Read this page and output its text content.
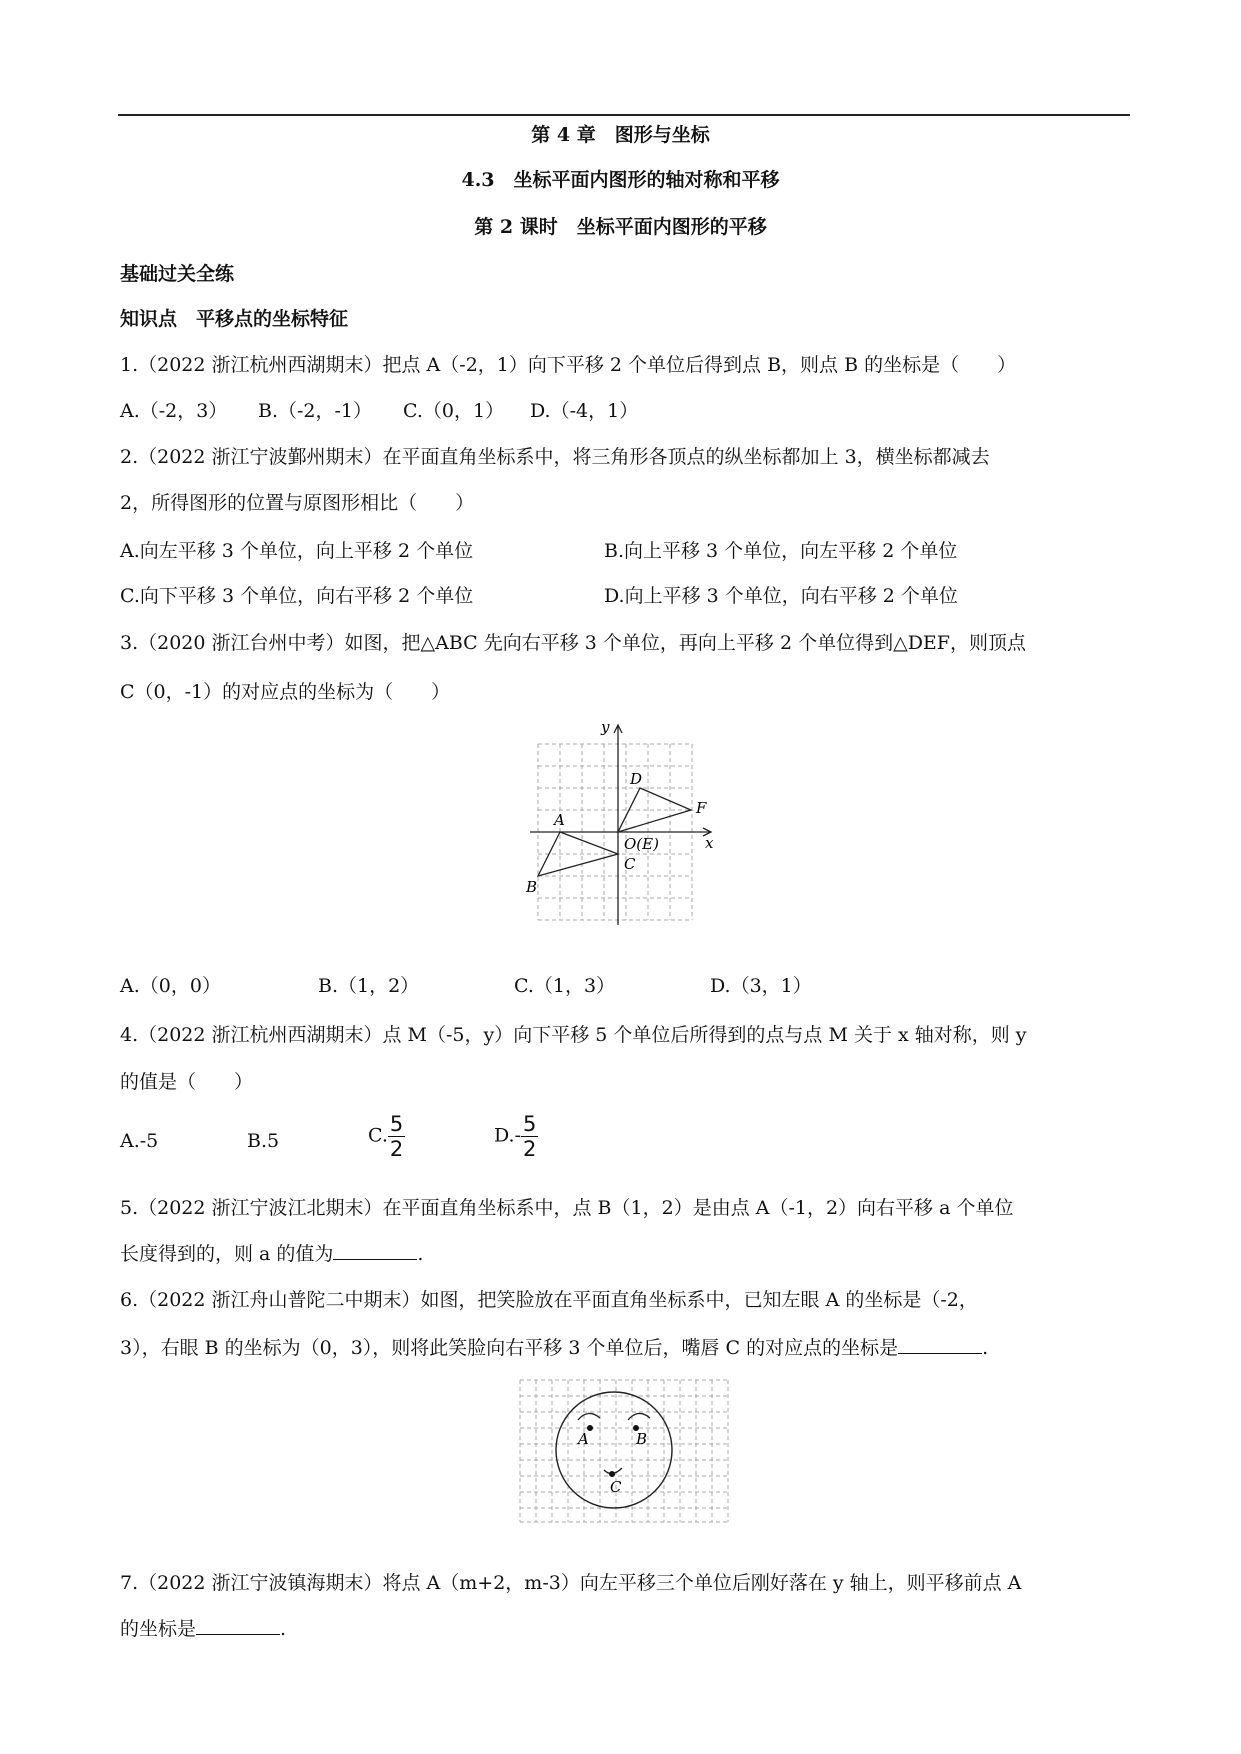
第 4 章　图形与坐标
4.3　坐标平面内图形的轴对称和平移
第 2 课时　坐标平面内图形的平移
基础过关全练
知识点　平移点的坐标特征
1.（2022 浙江杭州西湖期末）把点 A（-2，1）向下平移 2 个单位后得到点 B，则点 B 的坐标是（　　）
A.（-2，3） B.（-2，-1） C.（0，1） D.（-4，1）
2.（2022 浙江宁波鄞州期末）在平面直角坐标系中，将三角形各顶点的纵坐标都加上 3，横坐标都减去
2，所得图形的位置与原图形相比（　　）
A.向左平移 3 个单位，向上平移 2 个单位	B.向上平移 3 个单位，向左平移 2 个单位
C.向下平移 3 个单位，向右平移 2 个单位	D.向上平移 3 个单位，向右平移 2 个单位
3.（2020 浙江台州中考）如图，把△ABC 先向右平移 3 个单位，再向上平移 2 个单位得到△DEF，则顶点
C（0，-1）的对应点的坐标为（　　）
y
x
D
F
A
O(E)
C
B
A.（0，0）	B.（1，2）	C.（1，3）	D.（3，1）
4.（2022 浙江杭州西湖期末）点 M（-5，y）向下平移 5 个单位后所得到的点与点 M 关于 x 轴对称，则 y
的值是（　　）
A.-5	B.5	C. $\frac{5}{2}$	$D.- \frac{5}{2}$
5.（2022 浙江宁波江北期末）在平面直角坐标系中，点 B（1，2）是由点 A（-1，2）向右平移 a 个单位
长度得到的，则 a 的值为	.
6.（2022 浙江舟山普陀二中期末）如图，把笑脸放在平面直角坐标系中，已知左眼 A 的坐标是（-2，
3），右眼 B 的坐标为（0，3），则将此笑脸向右平移 3 个单位后，嘴唇 C 的对应点的坐标是	.
A	B
C
7.（2022 浙江宁波镇海期末）将点 A（m+2，m-3）向左平移三个单位后刚好落在 y 轴上，则平移前点 A
的坐标是	.
